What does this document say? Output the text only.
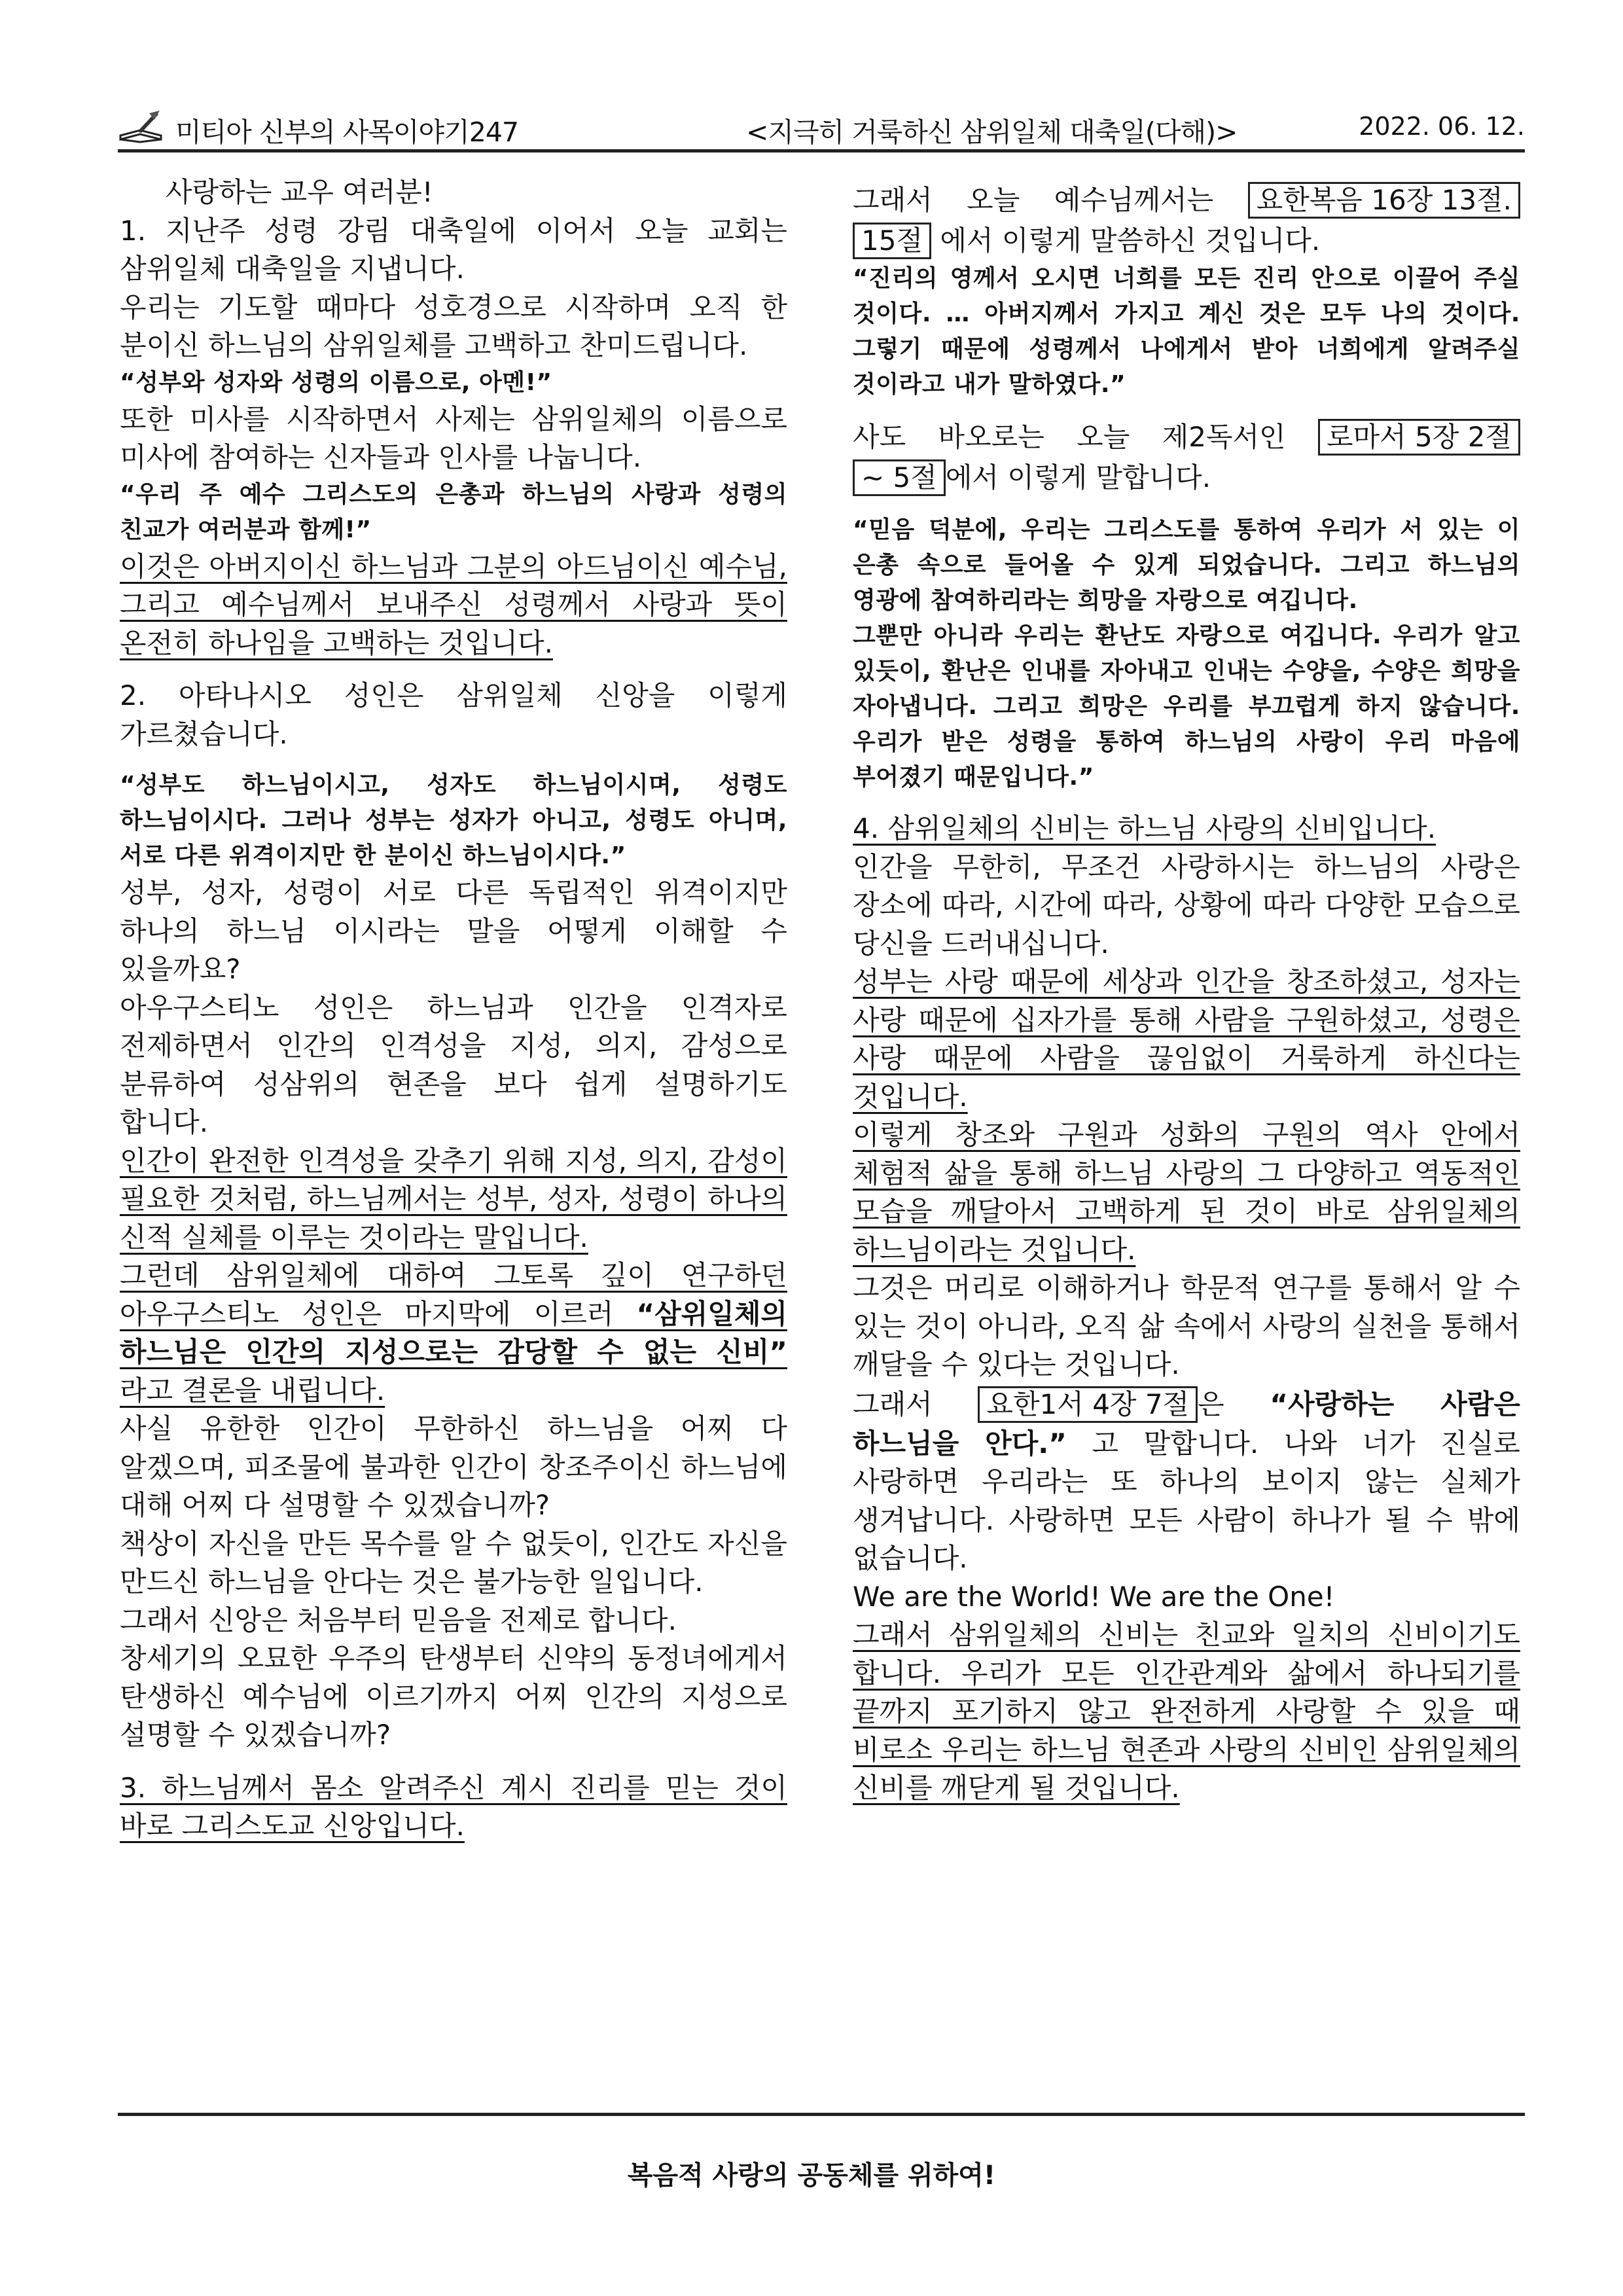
미티아 신부의 사목이야기247	<지극히 거룩하신 삼위일체 대축일(다해)>	2022. 06. 12.

사랑하는 교우 여러분!

1. 지난주 성령 강림 대축일에 이어서 오늘 교회는 삼위일체 대축일을 지냅니다.

우리는 기도할 때마다 성호경으로 시작하며 오직 한 분이신 하느님의 삼위일체를 고백하고 찬미드립니다.

“성부와 성자와 성령의 이름으로, 아멘!”

또한 미사를 시작하면서 사제는 삼위일체의 이름으로 미사에 참여하는 신자들과 인사를 나눕니다.

“우리 주 예수 그리스도의 은총과 하느님의 사랑과 성령의 친교가 여러분과 함께!”

이것은 아버지이신 하느님과 그분의 아드님이신 예수님, 그리고 예수님께서 보내주신 성령께서 사랑과 뜻이 온전히 하나임을 고백하는 것입니다.

2. 아타나시오 성인은 삼위일체 신앙을 이렇게 가르쳤습니다.

“성부도 하느님이시고, 성자도 하느님이시며, 성령도 하느님이시다. 그러나 성부는 성자가 아니고, 성령도 아니며, 서로 다른 위격이지만 한 분이신 하느님이시다.”

성부, 성자, 성령이 서로 다른 독립적인 위격이지만 하나의 하느님 이시라는 말을 어떻게 이해할 수 있을까요?

아우구스티노 성인은 하느님과 인간을 인격자로 전제하면서 인간의 인격성을 지성, 의지, 감성으로 분류하여 성삼위의 현존을 보다 쉽게 설명하기도 합니다.

인간이 완전한 인격성을 갖추기 위해 지성, 의지, 감성이 필요한 것처럼, 하느님께서는 성부, 성자, 성령이 하나의 신적 실체를 이루는 것이라는 말입니다.

그런데 삼위일체에 대하여 그토록 깊이 연구하던 아우구스티노 성인은 마지막에 이르러 “삼위일체의 하느님은 인간의 지성으로는 감당할 수 없는 신비” 라고 결론을 내립니다.

사실 유한한 인간이 무한하신 하느님을 어찌 다 알겠으며, 피조물에 불과한 인간이 창조주이신 하느님에 대해 어찌 다 설명할 수 있겠습니까?

책상이 자신을 만든 목수를 알 수 없듯이, 인간도 자신을 만드신 하느님을 안다는 것은 불가능한 일입니다.

그래서 신앙은 처음부터 믿음을 전제로 합니다.

창세기의 오묘한 우주의 탄생부터 신약의 동정녀에게서 탄생하신 예수님에 이르기까지 어찌 인간의 지성으로 설명할 수 있겠습니까?

3. 하느님께서 몸소 알려주신 계시 진리를 믿는 것이 바로 그리스도교 신앙입니다.

그래서 오늘 예수님께서는 요한복음 16장 13절. 15절 에서 이렇게 말씀하신 것입니다.

“진리의 영께서 오시면 너희를 모든 진리 안으로 이끌어 주실 것이다. … 아버지께서 가지고 계신 것은 모두 나의 것이다. 그렇기 때문에 성령께서 나에게서 받아 너희에게 알려주실 것이라고 내가 말하였다.”

사도 바오로는 오늘 제2독서인 로마서 5장 2절 ~ 5절 에서 이렇게 말합니다.

“믿음 덕분에, 우리는 그리스도를 통하여 우리가 서 있는 이 은총 속으로 들어올 수 있게 되었습니다. 그리고 하느님의 영광에 참여하리라는 희망을 자랑으로 여깁니다.

그뿐만 아니라 우리는 환난도 자랑으로 여깁니다. 우리가 알고 있듯이, 환난은 인내를 자아내고 인내는 수양을, 수양은 희망을 자아냅니다. 그리고 희망은 우리를 부끄럽게 하지 않습니다. 우리가 받은 성령을 통하여 하느님의 사랑이 우리 마음에 부어졌기 때문입니다.”

4. 삼위일체의 신비는 하느님 사랑의 신비입니다.

인간을 무한히, 무조건 사랑하시는 하느님의 사랑은 장소에 따라, 시간에 따라, 상황에 따라 다양한 모습으로 당신을 드러내십니다.

성부는 사랑 때문에 세상과 인간을 창조하셨고, 성자는 사랑 때문에 십자가를 통해 사람을 구원하셨고, 성령은 사랑 때문에 사람을 끊임없이 거룩하게 하신다는 것입니다.

이렇게 창조와 구원과 성화의 구원의 역사 안에서 체험적 삶을 통해 하느님 사랑의 그 다양하고 역동적인 모습을 깨달아서 고백하게 된 것이 바로 삼위일체의 하느님이라는 것입니다.

그것은 머리로 이해하거나 학문적 연구를 통해서 알 수 있는 것이 아니라, 오직 삶 속에서 사랑의 실천을 통해서 깨달을 수 있다는 것입니다.

그래서 요한1서 4장 7절 은 “사랑하는 사람은 하느님을 안다.” 고 말합니다. 나와 너가 진실로 사랑하면 우리라는 또 하나의 보이지 않는 실체가 생겨납니다. 사랑하면 모든 사람이 하나가 될 수 밖에 없습니다.

We are the World! We are the One!

그래서 삼위일체의 신비는 친교와 일치의 신비이기도 합니다. 우리가 모든 인간관계와 삶에서 하나되기를 끝까지 포기하지 않고 완전하게 사랑할 수 있을 때 비로소 우리는 하느님 현존과 사랑의 신비인 삼위일체의 신비를 깨닫게 될 것입니다.

복음적 사랑의 공동체를 위하여!
